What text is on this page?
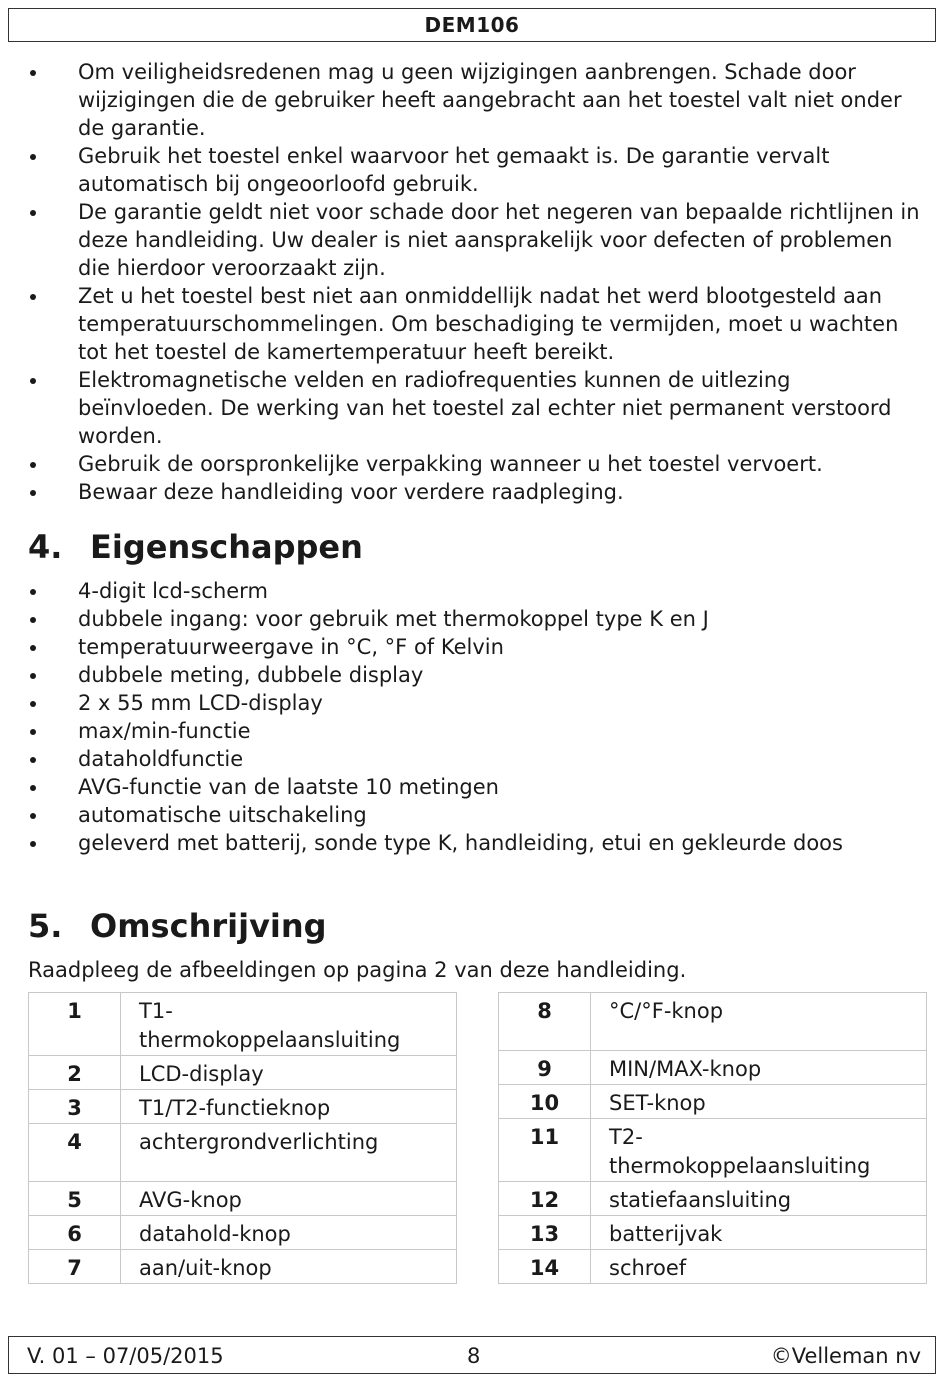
DEM106
Om veiligheidsredenen mag u geen wijzigingen aanbrengen. Schade door wijzigingen die de gebruiker heeft aangebracht aan het toestel valt niet onder de garantie.
Gebruik het toestel enkel waarvoor het gemaakt is. De garantie vervalt automatisch bij ongeoorloofd gebruik.
De garantie geldt niet voor schade door het negeren van bepaalde richtlijnen in deze handleiding. Uw dealer is niet aansprakelijk voor defecten of problemen die hierdoor veroorzaakt zijn.
Zet u het toestel best niet aan onmiddellijk nadat het werd blootgesteld aan temperatuurschommelingen. Om beschadiging te vermijden, moet u wachten tot het toestel de kamertemperatuur heeft bereikt.
Elektromagnetische velden en radiofrequenties kunnen de uitlezing beïnvloeden. De werking van het toestel zal echter niet permanent verstoord worden.
Gebruik de oorspronkelijke verpakking wanneer u het toestel vervoert.
Bewaar deze handleiding voor verdere raadpleging.
4. Eigenschappen
4-digit lcd-scherm
dubbele ingang: voor gebruik met thermokoppel type K en J
temperatuurweergave in °C, °F of Kelvin
dubbele meting, dubbele display
2 x 55 mm LCD-display
max/min-functie
dataholdfunctie
AVG-functie van de laatste 10 metingen
automatische uitschakeling
geleverd met batterij, sonde type K, handleiding, etui en gekleurde doos
5. Omschrijving
Raadpleeg de afbeeldingen op pagina 2 van deze handleiding.
1	T1-
thermokoppelaansluiting
2	LCD-display
3	T1/T2-functieknop
4	achtergrondverlichting
5	AVG-knop
6	datahold-knop
7	aan/uit-knop
8	°C/°F-knop
9	MIN/MAX-knop
10	SET-knop
11	T2-
thermokoppelaansluiting
12	statiefaansluiting
13	batterijvak
14	schroef
V. 01 – 07/05/2015	8	©Velleman nv
